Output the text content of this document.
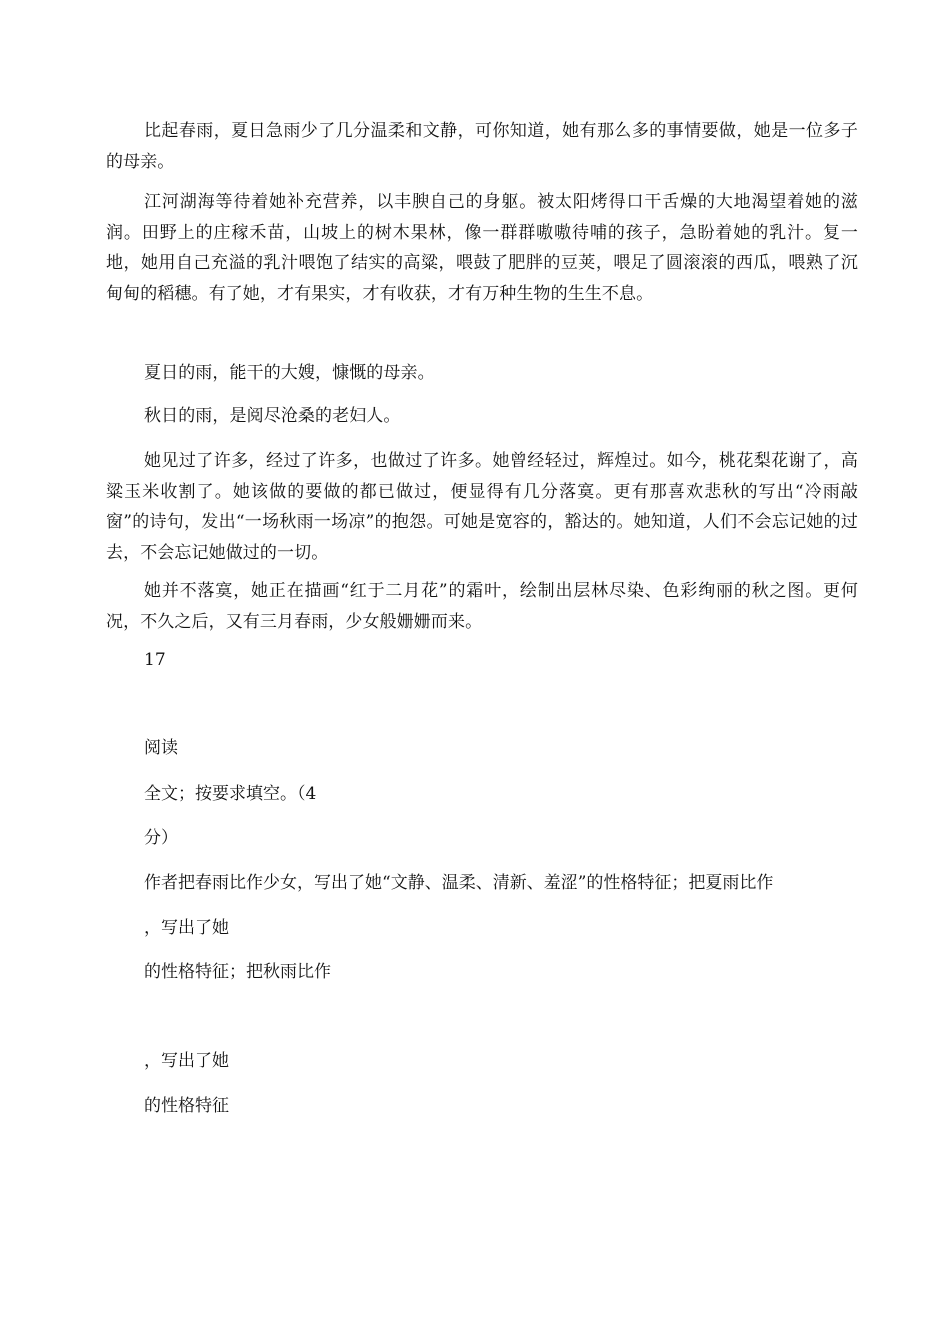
比起春雨，夏日急雨少了几分温柔和文静，可你知道，她有那么多的事情要做，她是一位多子的母亲。

江河湖海等待着她补充营养，以丰腴自己的身躯。被太阳烤得口干舌燥的大地渴望着她的滋润。田野上的庄稼禾苗，山坡上的树木果林，像一群群嗷嗷待哺的孩子，急盼着她的乳汁。复一地，她用自己充溢的乳汁喂饱了结实的高粱，喂鼓了肥胖的豆荚，喂足了圆滚滚的西瓜，喂熟了沉甸甸的稻穗。有了她，才有果实，才有收获，才有万种生物的生生不息。

夏日的雨，能干的大嫂，慷慨的母亲。

秋日的雨，是阅尽沧桑的老妇人。

她见过了许多，经过了许多，也做过了许多。她曾经轻过，辉煌过。如今，桃花梨花谢了，高粱玉米收割了。她该做的要做的都已做过，便显得有几分落寞。更有那喜欢悲秋的写出“冷雨敲窗”的诗句，发出“一场秋雨一场凉”的抱怨。可她是宽容的，豁达的。她知道，人们不会忘记她的过去，不会忘记她做过的一切。

她并不落寞，她正在描画“红于二月花”的霜叶，绘制出层林尽染、色彩绚丽的秋之图。更何况，不久之后，又有三月春雨，少女般姗姗而来。

17

阅读

全文；按要求填空。（4

分）

作者把春雨比作少女，写出了她“文静、温柔、清新、羞涩”的性格特征；把夏雨比作

，写出了她

的性格特征；把秋雨比作

，写出了她

的性格特征
